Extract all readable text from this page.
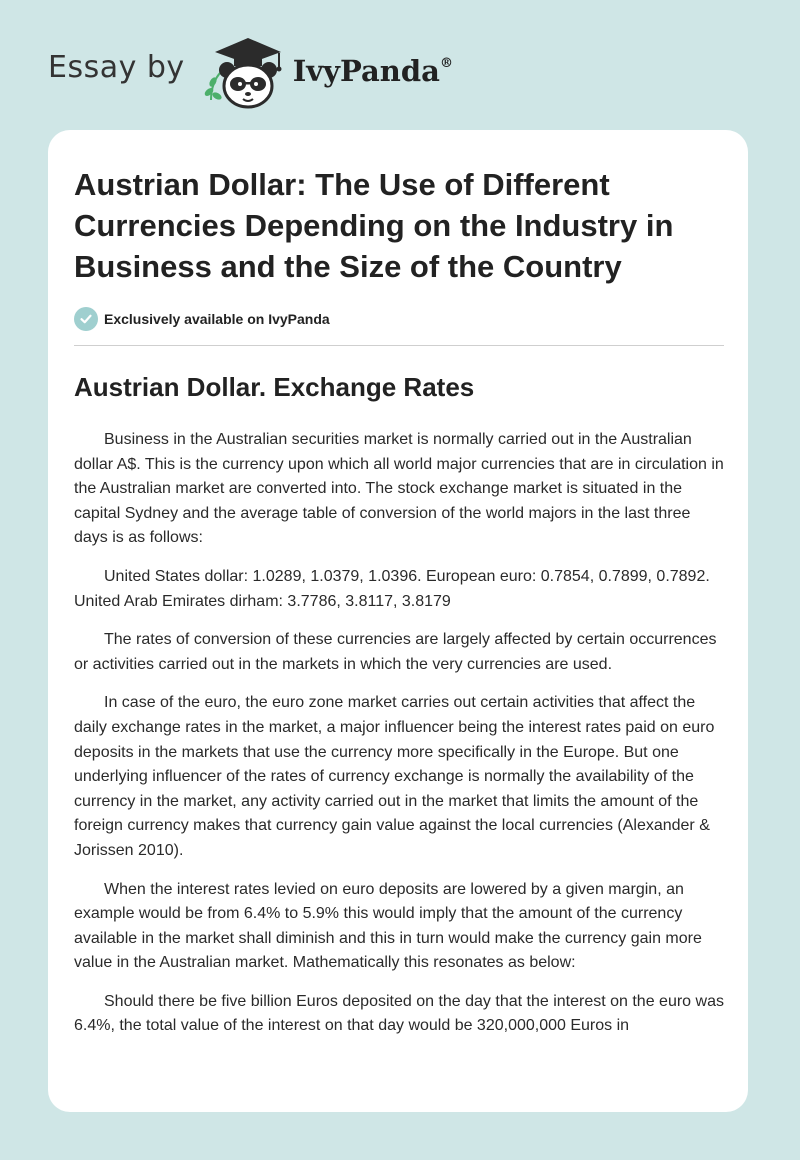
Essay by	IvyPanda®
Austrian Dollar: The Use of Different Currencies Depending on the Industry in Business and the Size of the Country
Exclusively available on IvyPanda
Austrian Dollar. Exchange Rates

Business in the Australian securities market is normally carried out in the Australian dollar A$. This is the currency upon which all world major currencies that are in circulation in the Australian market are converted into. The stock exchange market is situated in the capital Sydney and the average table of conversion of the world majors in the last three days is as follows:

United States dollar: 1.0289, 1.0379, 1.0396. European euro: 0.7854, 0.7899, 0.7892. United Arab Emirates dirham: 3.7786, 3.8117, 3.8179

The rates of conversion of these currencies are largely affected by certain occurrences or activities carried out in the markets in which the very currencies are used.

In case of the euro, the euro zone market carries out certain activities that affect the daily exchange rates in the market, a major influencer being the interest rates paid on euro deposits in the markets that use the currency more specifically in the Europe. But one underlying influencer of the rates of currency exchange is normally the availability of the currency in the market, any activity carried out in the market that limits the amount of the foreign currency makes that currency gain value against the local currencies (Alexander & Jorissen 2010).

When the interest rates levied on euro deposits are lowered by a given margin, an example would be from 6.4% to 5.9% this would imply that the amount of the currency available in the market shall diminish and this in turn would make the currency gain more value in the Australian market. Mathematically this resonates as below:

Should there be five billion Euros deposited on the day that the interest on the euro was 6.4%, the total value of the interest on that day would be 320,000,000 Euros in
